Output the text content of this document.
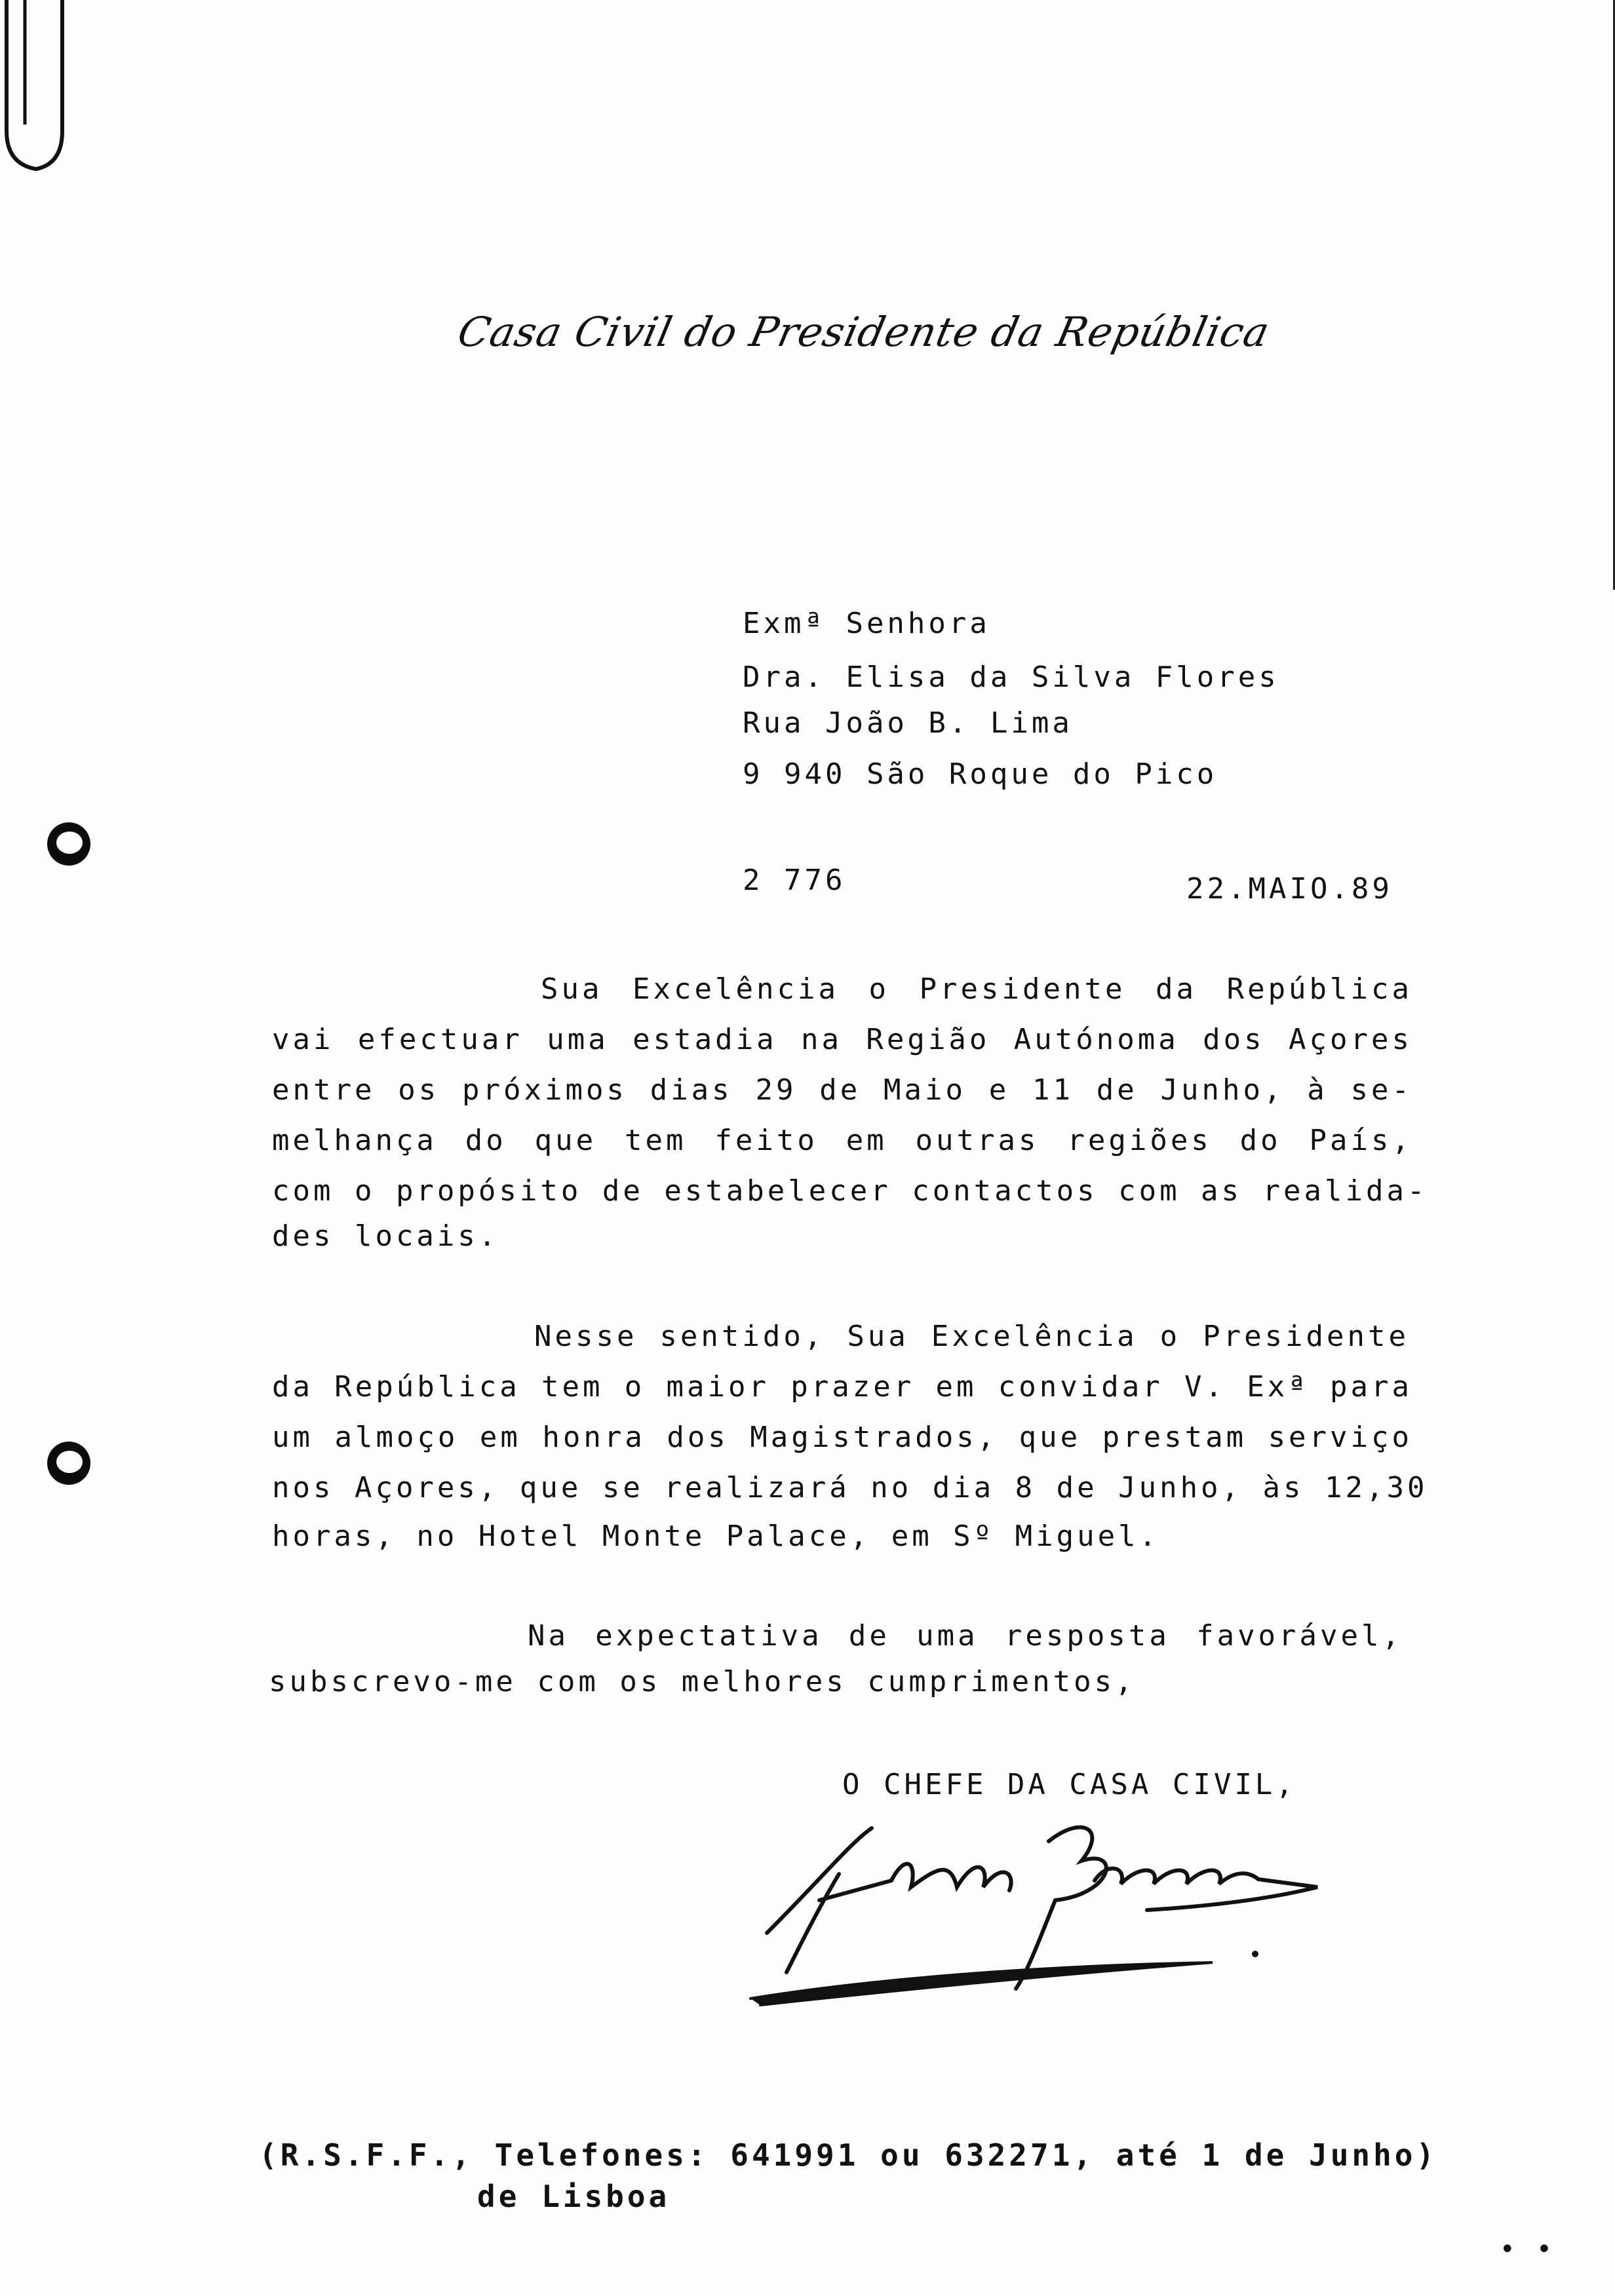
Casa Civil do Presidente da República
Exmª Senhora
Dra. Elisa da Silva Flores
Rua João B. Lima
9 940 São Roque do Pico
2 776	22.MAIO.89
Sua Excelência o Presidente da República
vai efectuar uma estadia na Região Autónoma dos Açores
entre os próximos dias 29 de Maio e 11 de Junho, à se-
melhança do que tem feito em outras regiões do País,
com o propósito de estabelecer contactos com as realida-
des locais.
Nesse sentido, Sua Excelência o Presidente
da República tem o maior prazer em convidar V. Exª para
um almoço em honra dos Magistrados, que prestam serviço
nos Açores, que se realizará no dia 8 de Junho, às 12,30
horas, no Hotel Monte Palace, em Sº Miguel.
Na expectativa de uma resposta favorável,
subscrevo-me com os melhores cumprimentos,
O CHEFE DA CASA CIVIL,
(R.S.F.F., Telefones: 641991 ou 632271, até 1 de Junho)
de Lisboa
• •
